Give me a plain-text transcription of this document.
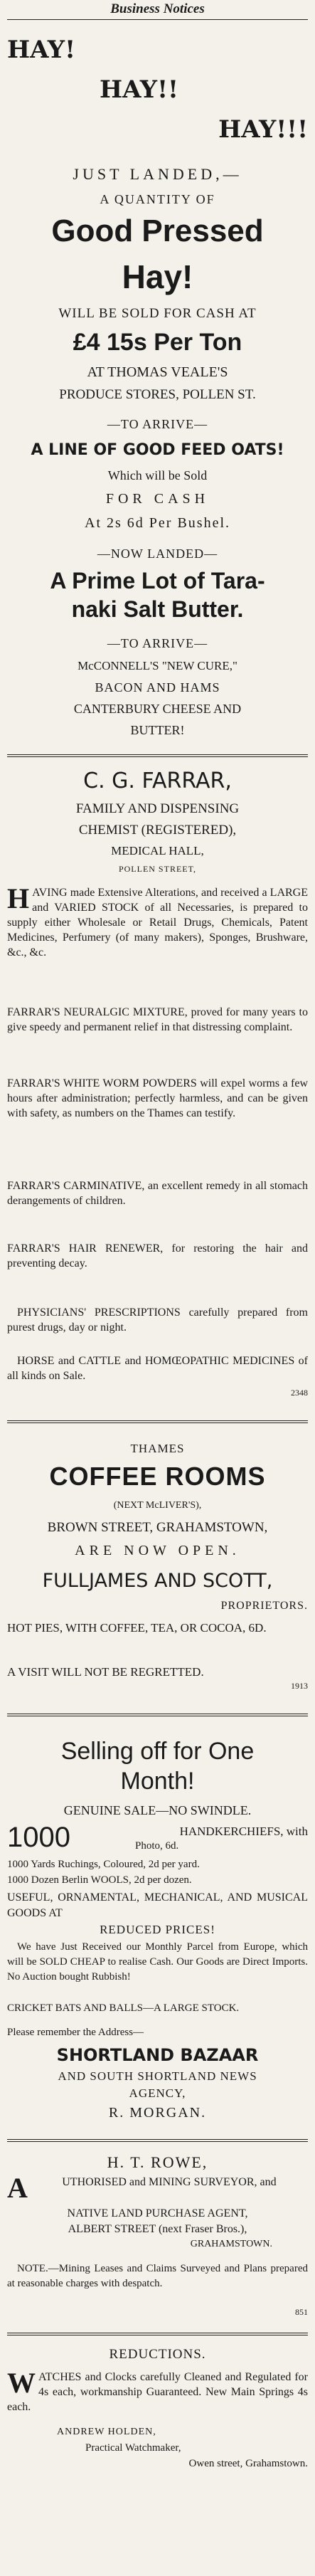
Business Notices
HAY!
HAY!!
HAY!!!
JUST LANDED,—
A QUANTITY OF
Good Pressed
Hay!
WILL BE SOLD FOR CASH AT
£4 15s Per Ton
AT THOMAS VEALE'S
PRODUCE STORES, POLLEN ST.
—TO ARRIVE—
A LINE OF GOOD FEED OATS!
Which will be Sold
FOR CASH
At 2s 6d Per Bushel.
—NOW LANDED—
A Prime Lot of Tara-
naki Salt Butter.
—TO ARRIVE—
McCONNELL'S "NEW CURE,"
BACON AND HAMS
CANTERBURY CHEESE AND
BUTTER!
C. G. FARRAR,
FAMILY AND DISPENSING
CHEMIST (REGISTERED),
MEDICAL HALL,
POLLEN STREET,
H AVING made Extensive Alterations, and received a LARGE and VARIED STOCK of all Necessaries, is prepared to supply either Wholesale or Retail Drugs, Chemicals, Patent Medicines, Perfumery (of many makers), Sponges, Brushware, &c., &c.

FARRAR'S NEURALGIC MIXTURE, proved for many years to give speedy and permanent relief in that distressing complaint.

FARRAR'S WHITE WORM POWDERS will expel worms a few hours after administration; perfectly harmless, and can be given with safety, as numbers on the Thames can testify.

FARRAR'S CARMINATIVE, an excellent remedy in all stomach derangements of children.

FARRAR'S HAIR RENEWER, for restoring the hair and preventing decay.

PHYSICIANS' PRESCRIPTIONS carefully prepared from purest drugs, day or night.

HORSE and CATTLE and HOMŒOPATHIC MEDICINES of all kinds on Sale.

2348
THAMES
COFFEE ROOMS
(NEXT McLIVER'S),
BROWN STREET, GRAHAMSTOWN,
ARE NOW OPEN.
FULLJAMES AND SCOTT,
PROPRIETORS.

HOT PIES, WITH COFFEE, TEA, OR COCOA, 6D.

A VISIT WILL NOT BE REGRETTED.
1913
Selling off for One
Month!
GENUINE SALE—NO SWINDLE.
1000	HANDKERCHIEFS, with
Photo, 6d.

1000 Yards Ruchings, Coloured, 2d per yard.

1000 Dozen Berlin WOOLS, 2d per dozen.

USEFUL, ORNAMENTAL, MECHANICAL, AND MUSICAL GOODS AT

REDUCED PRICES!

We have Just Received our Monthly Parcel from Europe, which will be SOLD CHEAP to realise Cash. Our Goods are Direct Imports. No Auction bought Rubbish!

CRICKET BATS AND BALLS—A LARGE STOCK.

Please remember the Address—
SHORTLAND BAZAAR
AND SOUTH SHORTLAND NEWS
AGENCY,
R. MORGAN.
H. T. ROWE,
A	UTHORISED and MINING SURVEYOR, and

NATIVE LAND PURCHASE AGENT,
ALBERT STREET (next Fraser Bros.),
GRAHAMSTOWN.

NOTE.—Mining Leases and Claims Surveyed and Plans prepared at reasonable charges with despatch.

851
REDUCTIONS.
W ATCHES and Clocks carefully Cleaned and Regulated for 4s each, workmanship Guaranteed. New Main Springs 4s each.

ANDREW HOLDEN,
Practical Watchmaker,
Owen street, Grahamstown.
